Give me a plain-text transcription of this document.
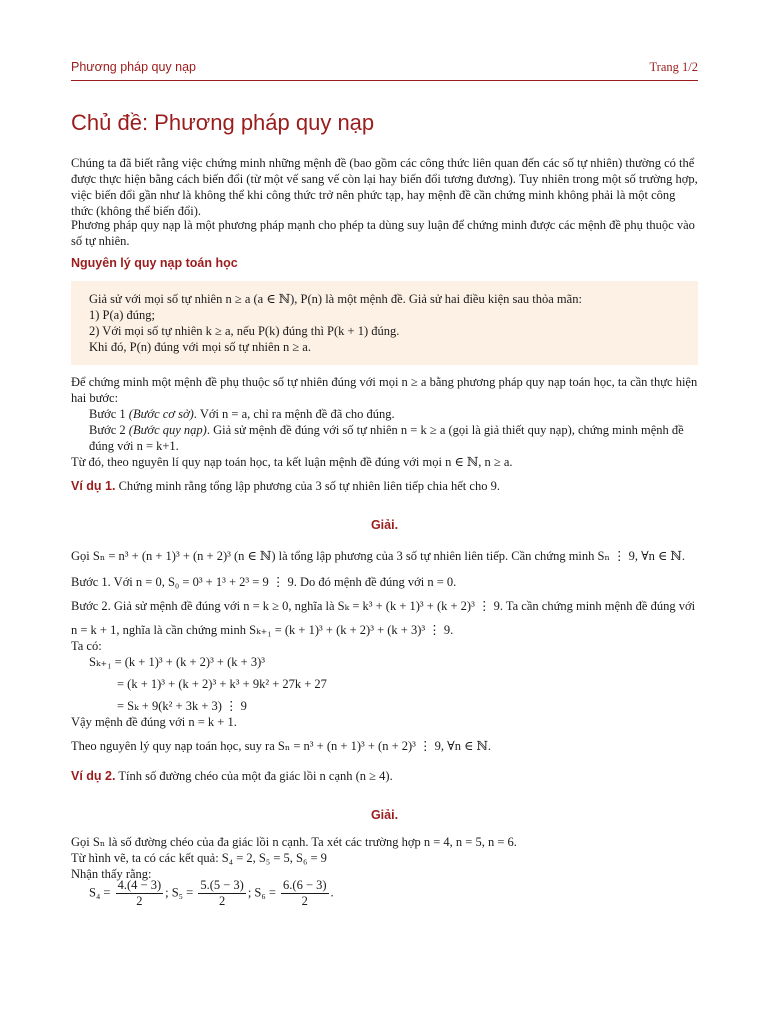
Phương pháp quy nạp	Trang 1/2
Chủ đề: Phương pháp quy nạp
Chúng ta đã biết rằng việc chứng minh những mệnh đề (bao gồm các công thức liên quan đến các số tự nhiên) thường có thể được thực hiện bằng cách biến đổi (từ một vế sang vế còn lại hay biến đổi tương đương). Tuy nhiên trong một số trường hợp, việc biến đổi gần như là không thể khi công thức trở nên phức tạp, hay mệnh đề cần chứng minh không phải là một công thức (không thể biến đổi).
Phương pháp quy nạp là một phương pháp mạnh cho phép ta dùng suy luận để chứng minh được các mệnh đề phụ thuộc vào số tự nhiên.
Nguyên lý quy nạp toán học
Giả sử với mọi số tự nhiên n ≥ a (a ∈ ℕ), P(n) là một mệnh đề. Giả sử hai điều kiện sau thỏa mãn:
1) P(a) đúng;
2) Với mọi số tự nhiên k ≥ a, nếu P(k) đúng thì P(k + 1) đúng.
Khi đó, P(n) đúng với mọi số tự nhiên n ≥ a.
Để chứng minh một mệnh đề phụ thuộc số tự nhiên đúng với mọi n ≥ a bằng phương pháp quy nạp toán học, ta cần thực hiện hai bước:
Bước 1 (Bước cơ sở). Với n = a, chỉ ra mệnh đề đã cho đúng.
Bước 2 (Bước quy nạp). Giả sử mệnh đề đúng với số tự nhiên n = k ≥ a (gọi là giả thiết quy nạp), chứng minh mệnh đề đúng với n = k+1.
Từ đó, theo nguyên lí quy nạp toán học, ta kết luận mệnh đề đúng với mọi n ∈ ℕ, n ≥ a.
Ví dụ 1. Chứng minh rằng tổng lập phương của 3 số tự nhiên liên tiếp chia hết cho 9.
Giải.
Gọi Sₙ = n³ + (n + 1)³ + (n + 2)³ (n ∈ ℕ) là tổng lập phương của 3 số tự nhiên liên tiếp. Cần chứng minh Sₙ ⋮ 9, ∀n ∈ ℕ.
Bước 1. Với n = 0, S₀ = 0³ + 1³ + 2³ = 9 ⋮ 9. Do đó mệnh đề đúng với n = 0.
Bước 2. Giả sử mệnh đề đúng với n = k ≥ 0, nghĩa là Sₖ = k³ + (k + 1)³ + (k + 2)³ ⋮ 9. Ta cần chứng minh mệnh đề đúng với
n = k + 1, nghĩa là cần chứng minh Sₖ₊₁ = (k + 1)³ + (k + 2)³ + (k + 3)³ ⋮ 9.
Ta có:
Sₖ₊₁ = (k + 1)³ + (k + 2)³ + (k + 3)³
= (k + 1)³ + (k + 2)³ + k³ + 9k² + 27k + 27
= Sₖ + 9(k² + 3k + 3) ⋮ 9
Vậy mệnh đề đúng với n = k + 1.
Theo nguyên lý quy nạp toán học, suy ra Sₙ = n³ + (n + 1)³ + (n + 2)³ ⋮ 9, ∀n ∈ ℕ.
Ví dụ 2. Tính số đường chéo của một đa giác lồi n cạnh (n ≥ 4).
Giải.
Gọi Sₙ là số đường chéo của đa giác lồi n cạnh. Ta xét các trường hợp n = 4, n = 5, n = 6.
Từ hình vẽ, ta có các kết quả: S₄ = 2, S₅ = 5, S₆ = 9
Nhận thấy rằng:
$S_4 = \frac{4.(4 - 3)}{2}$ ; $S_5 = \frac{5.(5 - 3)}{2}$ ; $S_6 = \frac{6.(6 - 3)}{2}$ .
